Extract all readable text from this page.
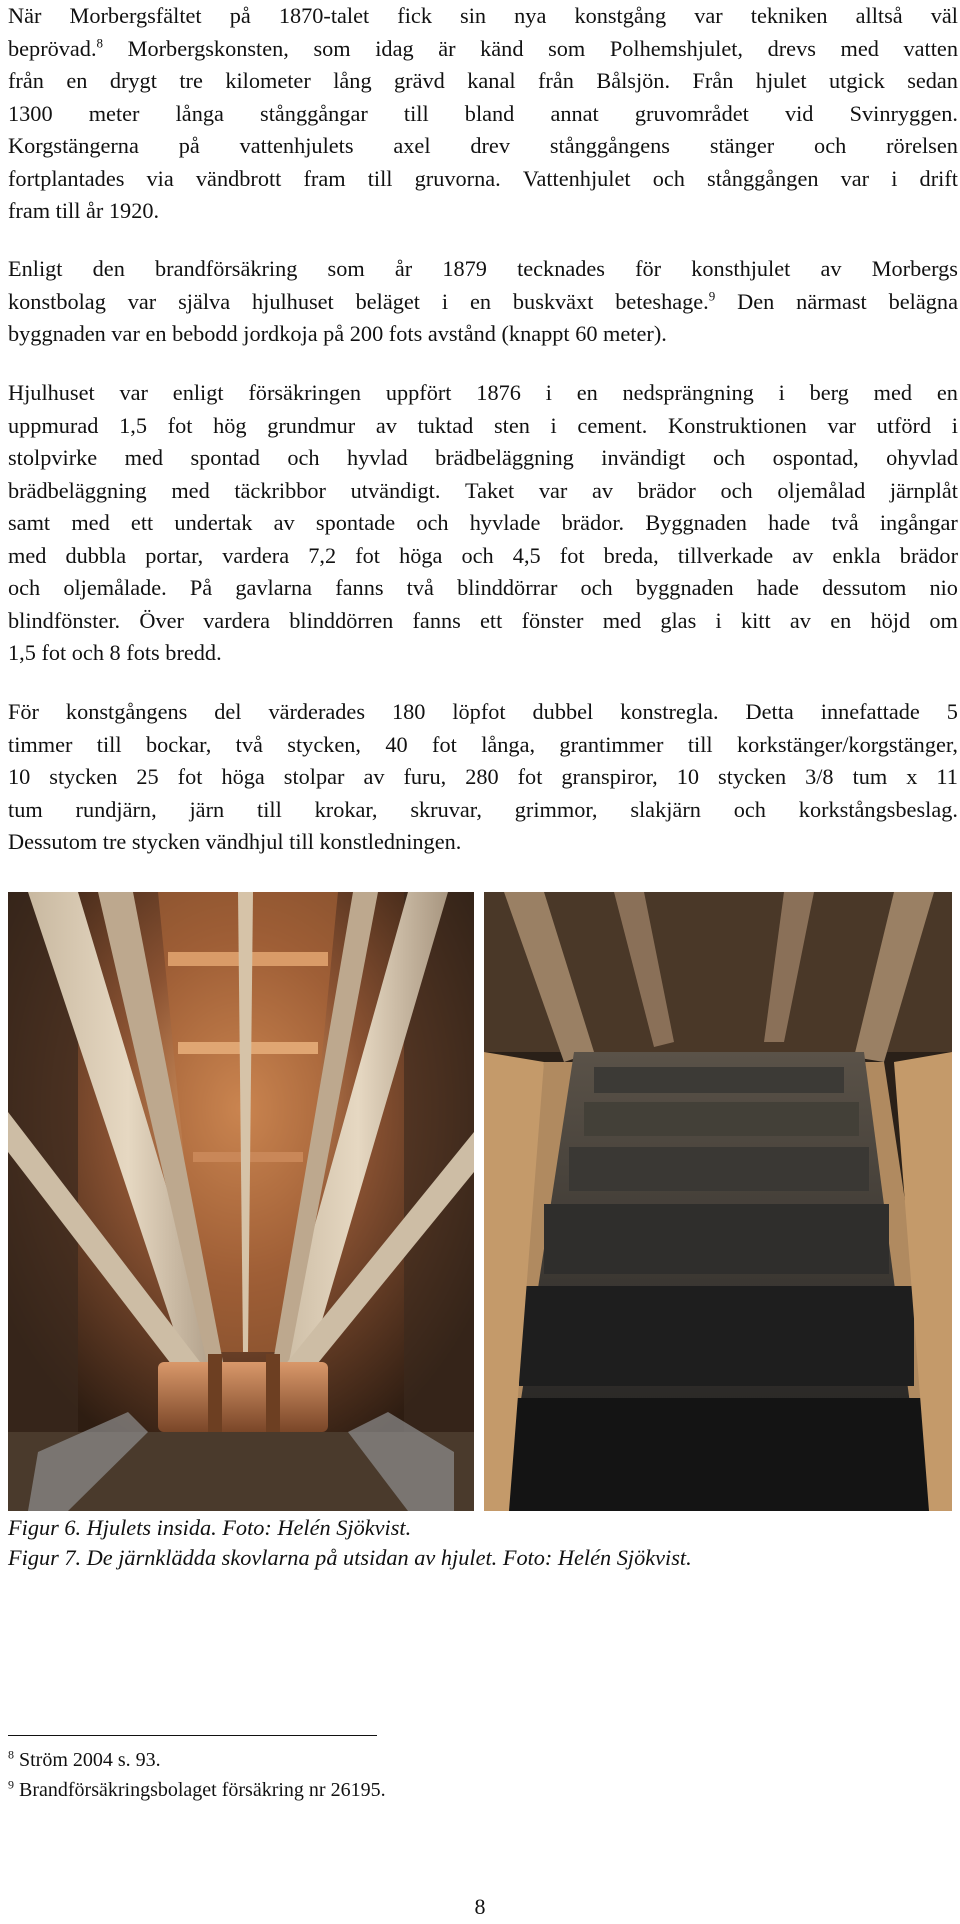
När Morbergsfältet på 1870-talet fick sin nya konstgång var tekniken alltså väl
beprövad.$^8$ Morbergskonsten, som idag är känd som Polhemshjulet, drevs med vatten
från en drygt tre kilometer lång grävd kanal från Bålsjön. Från hjulet utgick sedan
1300 meter långa stånggångar till bland annat gruvområdet vid Svinryggen.
Korgstängerna på vattenhjulets axel drev stånggångens stänger och rörelsen
fortplantades via vändbrott fram till gruvorna. Vattenhjulet och stånggången var i drift
fram till år 1920.
Enligt den brandförsäkring som år 1879 tecknades för konsthjulet av Morbergs
konstbolag var själva hjulhuset beläget i en buskväxt beteshage.$^9$ Den närmast belägna
byggnaden var en bebodd jordkoja på 200 fots avstånd (knappt 60 meter).
Hjulhuset var enligt försäkringen uppfört 1876 i en nedsprängning i berg med en
uppmurad 1,5 fot hög grundmur av tuktad sten i cement. Konstruktionen var utförd i
stolpvirke med spontad och hyvlad brädbeläggning invändigt och ospontad, ohyvlad
brädbeläggning med täckribbor utvändigt. Taket var av brädor och oljemålad järnplåt
samt med ett undertak av spontade och hyvlade brädor. Byggnaden hade två ingångar
med dubbla portar, vardera 7,2 fot höga och 4,5 fot breda, tillverkade av enkla brädor
och oljemålade. På gavlarna fanns två blinddörrar och byggnaden hade dessutom nio
blindfönster. Över vardera blinddörren fanns ett fönster med glas i kitt av en höjd om
1,5 fot och 8 fots bredd.
För konstgångens del värderades 180 löpfot dubbel konstregla. Detta innefattade 5
timmer till bockar, två stycken, 40 fot långa, grantimmer till korkstänger/korgstänger,
10 stycken 25 fot höga stolpar av furu, 280 fot granspiror, 10 stycken 3/8 tum x 11
tum rundjärn, järn till krokar, skruvar, grimmor, slakjärn och korkstångsbeslag.
Dessutom tre stycken vändhjul till konstledningen.

Figur 6. Hjulets insida. Foto: Helén Sjökvist.

Figur 7. De järnklädda skovlarna på utsidan av hjulet. Foto: Helén Sjökvist.

$^8$ Ström 2004 s. 93.

$^9$ Brandförsäkringsbolaget försäkring nr 26195.

8
